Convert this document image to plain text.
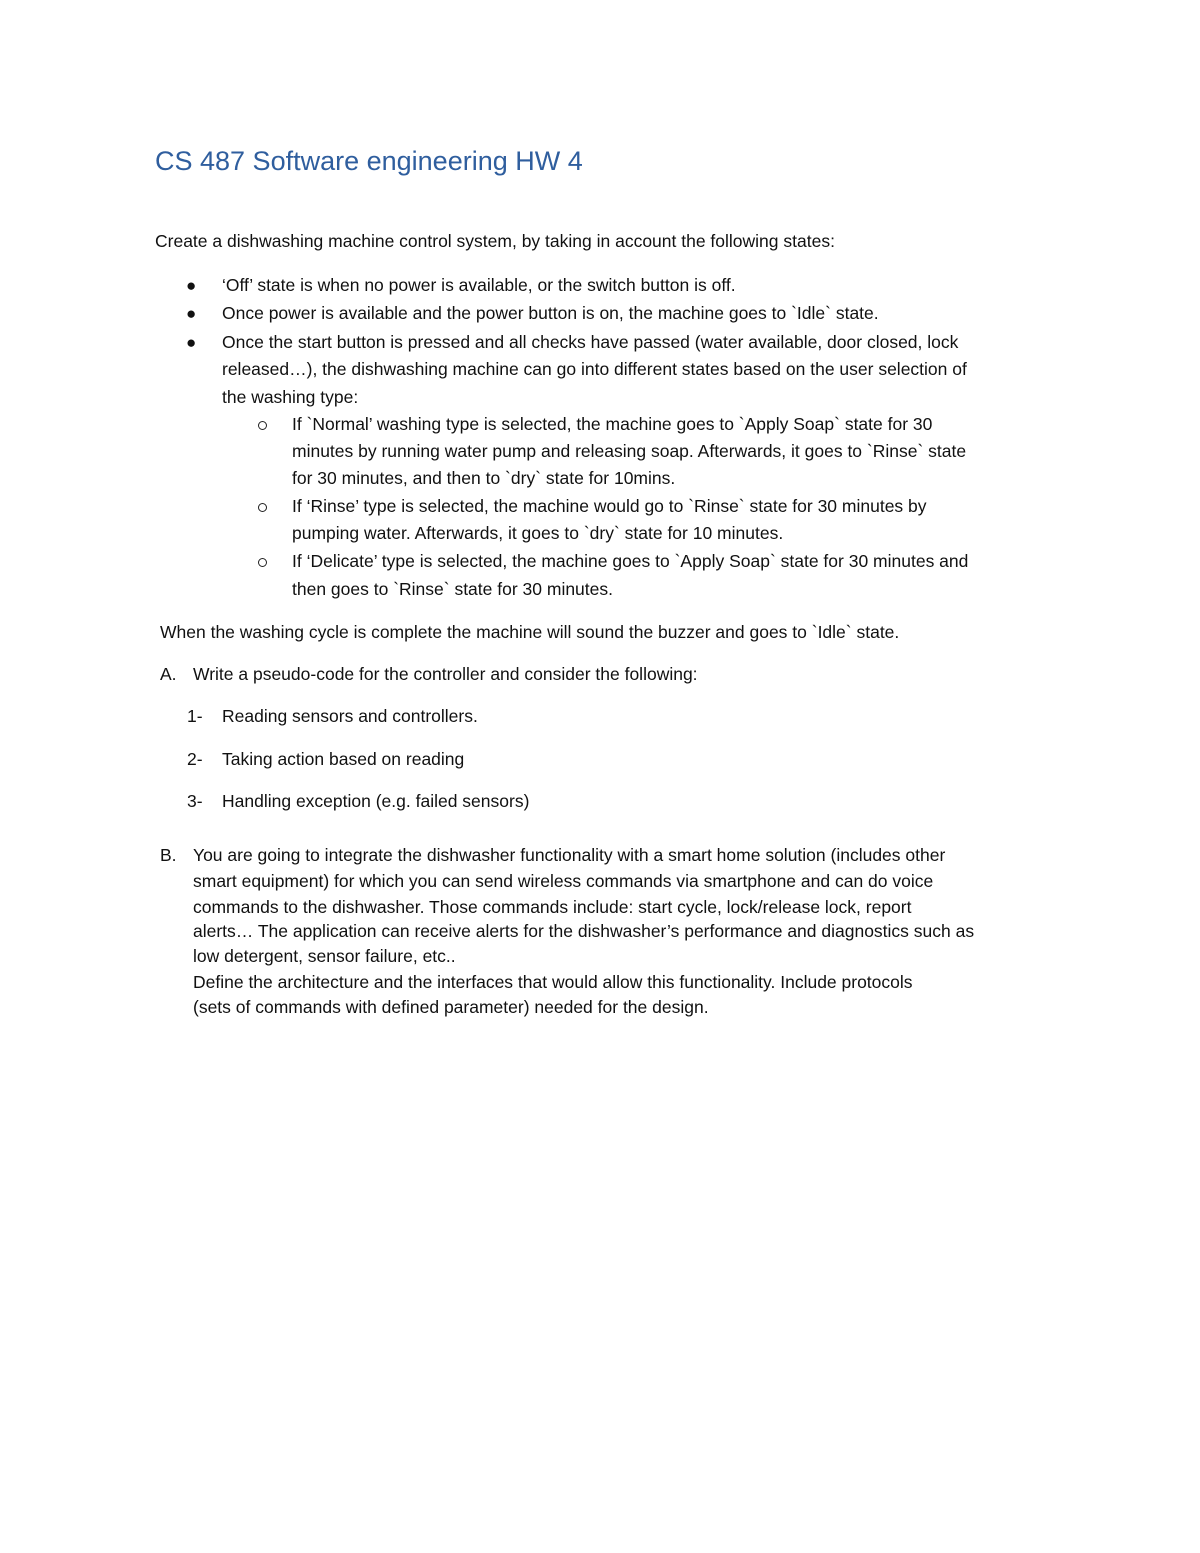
CS 487 Software engineering HW 4
Create a dishwashing machine control system, by taking in account the following states:
● ‘Off’ state is when no power is available, or the switch button is off.
● Once power is available and the power button is on, the machine goes to `Idle` state.
● Once the start button is pressed and all checks have passed (water available, door closed, lock
released…), the dishwashing machine can go into different states based on the user selection of
the washing type:
If `Normal’ washing type is selected, the machine goes to `Apply Soap` state for 30
minutes by running water pump and releasing soap. Afterwards, it goes to `Rinse` state
for 30 minutes, and then to `dry` state for 10mins.
If ‘Rinse’ type is selected, the machine would go to `Rinse` state for 30 minutes by
pumping water. Afterwards, it goes to `dry` state for 10 minutes.
If ‘Delicate’ type is selected, the machine goes to `Apply Soap` state for 30 minutes and
then goes to `Rinse` state for 30 minutes.
When the washing cycle is complete the machine will sound the buzzer and goes to `Idle` state.
A. Write a pseudo-code for the controller and consider the following:
1- Reading sensors and controllers.
2- Taking action based on reading
3- Handling exception (e.g. failed sensors)
B. You are going to integrate the dishwasher functionality with a smart home solution (includes other
smart equipment) for which you can send wireless commands via smartphone and can do voice
commands to the dishwasher. Those commands include: start cycle, lock/release lock, report
alerts… The application can receive alerts for the dishwasher’s performance and diagnostics such as
low detergent, sensor failure, etc..
Define the architecture and the interfaces that would allow this functionality. Include protocols
(sets of commands with defined parameter) needed for the design.
